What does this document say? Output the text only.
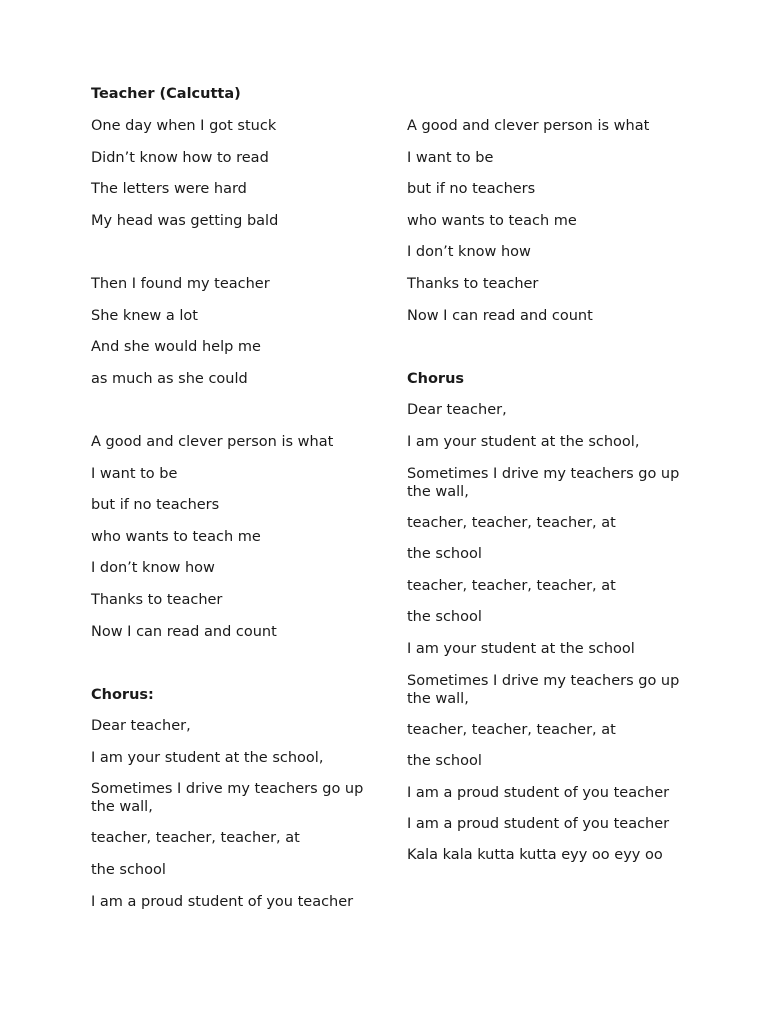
Teacher (Calcutta)
One day when I got stuck
Didn’t know how to read
The letters were hard
My head was getting bald
Then I found my teacher
She knew a lot
And she would help me
as much as she could
A good and clever person is what
I want to be
but if no teachers
who wants to teach me
I don’t know how
Thanks to teacher
Now I can read and count
Chorus:
Dear teacher,
I am your student at the school,
Sometimes I drive my teachers go up the wall,
teacher, teacher, teacher, at
the school
I am a proud student of you teacher
A good and clever person is what
I want to be
but if no teachers
who wants to teach me
I don’t know how
Thanks to teacher
Now I can read and count
Chorus
Dear teacher,
I am your student at the school,
Sometimes I drive my teachers go up the wall,
teacher, teacher, teacher, at
the school
teacher, teacher, teacher, at
the school
I am your student at the school
Sometimes I drive my teachers go up the wall,
teacher, teacher, teacher, at
the school
I am a proud student of you teacher
I am a proud student of you teacher
Kala kala kutta kutta eyy oo eyy oo
